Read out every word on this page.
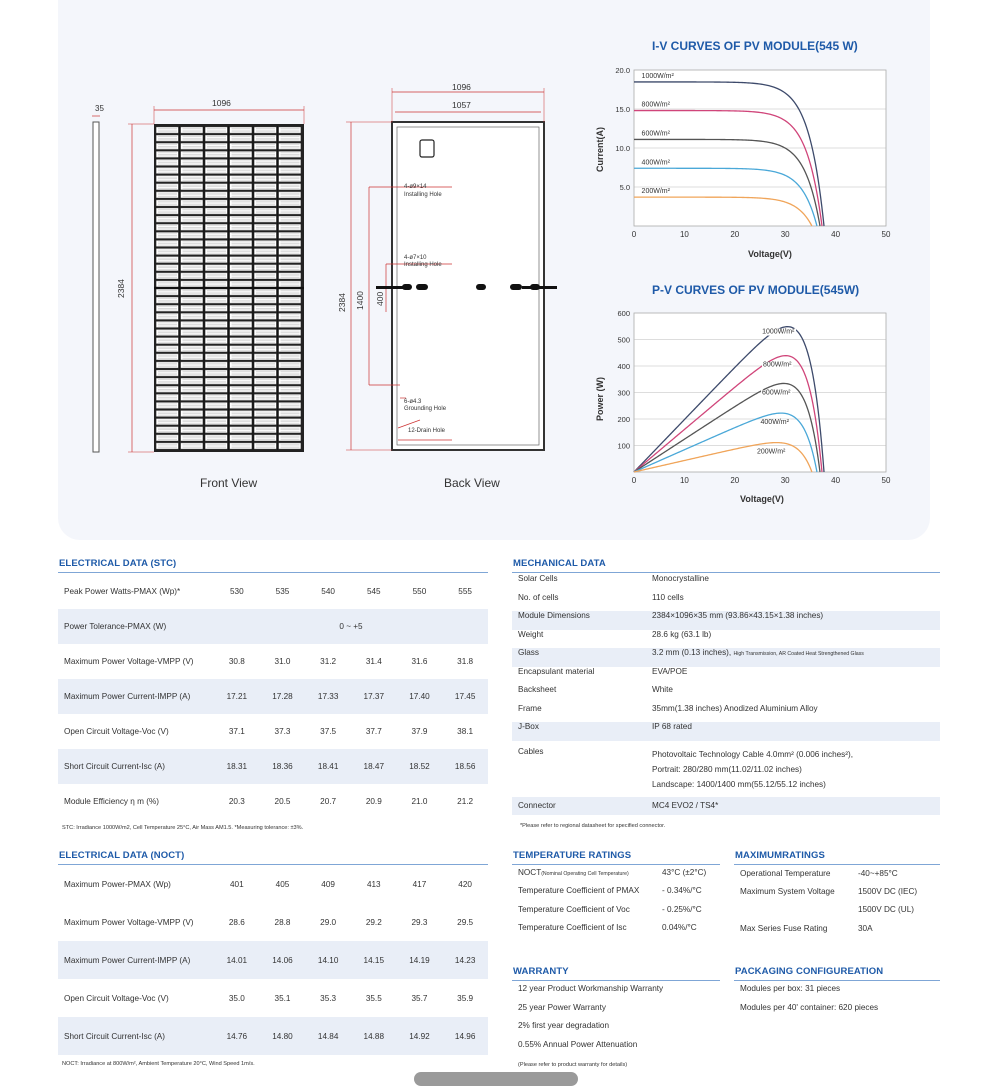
35
1096
2384
1096
1057
2384 1400 400
4-ø9×14
Installing Hole
4-ø7×10
Installing Hole
6-ø4.3
Grounding Hole
12-Drain Hole
Front View	Back View
I-V CURVES OF PV MODULE(545 W)
5.0
10.0
15.0
20.0
0	10	20	30	40	50
1000W/m²
800W/m²
600W/m²
400W/m²
200W/m²
Voltage(V)
Current(A)
P-V CURVES OF PV MODULE(545W)
100
200
300
400
500
600
0	10	20	30	40	50
1000W/m²
800W/m²
600W/m²
400W/m²
200W/m²
Voltage(V)
Power (W)
ELECTRICAL DATA (STC)
Peak Power Watts-PMAX (Wp)*	530	535	540	545	550	555
Power Tolerance-PMAX (W)	0 ~ +5					
Maximum Power Voltage-VMPP (V)	30.8	31.0	31.2	31.4	31.6	31.8
Maximum Power Current-IMPP (A)	17.21	17.28	17.33	17.37	17.40	17.45
Open Circuit Voltage-Voc (V)	37.1	37.3	37.5	37.7	37.9	38.1
Short Circuit Current-Isc (A)	18.31	18.36	18.41	18.47	18.52	18.56
Module Efficiency η m (%)	20.3	20.5	20.7	20.9	21.0	21.2
STC: Irradiance 1000W/m2, Cell Temperature 25°C, Air Mass AM1.5. *Measuring tolerance: ±3%.
ELECTRICAL DATA (NOCT)
Maximum Power-PMAX (Wp)	401	405	409	413	417	420
Maximum Power Voltage-VMPP (V)	28.6	28.8	29.0	29.2	29.3	29.5
Maximum Power Current-IMPP (A)	14.01	14.06	14.10	14.15	14.19	14.23
Open Circuit Voltage-Voc (V)	35.0	35.1	35.3	35.5	35.7	35.9
Short Circuit Current-Isc (A)	14.76	14.80	14.84	14.88	14.92	14.96
NOCT: Irradiance at 800W/m², Ambient Temperature 20°C, Wind Speed 1m/s.
MECHANICAL DATA
Solar Cells	Monocrystalline
No. of cells	110 cells
Module Dimensions	2384×1096×35 mm (93.86×43.15×1.38 inches)
Weight	28.6 kg (63.1 lb)
Glass	3.2 mm (0.13 inches), High Transmission, AR Coated Heat Strengthened Glass
Encapsulant material	EVA/POE
Backsheet	White
Frame	35mm(1.38 inches) Anodized Aluminium Alloy
J-Box	IP 68 rated
Cables	Photovoltaic Technology Cable 4.0mm² (0.006 inches²),
Portrait: 280/280 mm(11.02/11.02 inches)
Landscape: 1400/1400 mm(55.12/55.12 inches)

Connector	MC4 EVO2 / TS4*
*Please refer to regional datasheet for specified connector.
TEMPERATURE RATINGS
NOCT(Nominal Operating Cell Temperature)	43°C (±2°C)
Temperature Coefficient of PMAX	- 0.34%/°C
Temperature Coefficient of Voc	- 0.25%/°C
Temperature Coefficient of Isc	0.04%/°C
MAXIMUMRATINGS
Operational Temperature	-40~+85°C
Maximum System Voltage	1500V DC (IEC)
1500V DC (UL)
Max Series Fuse Rating	30A
WARRANTY
12 year Product Workmanship Warranty
25 year Power Warranty
2% first year degradation
0.55% Annual Power Attenuation
(Please refer to product warranty for details)
PACKAGING CONFIGUREATION
Modules per box: 31 pieces
Modules per 40' container: 620 pieces
